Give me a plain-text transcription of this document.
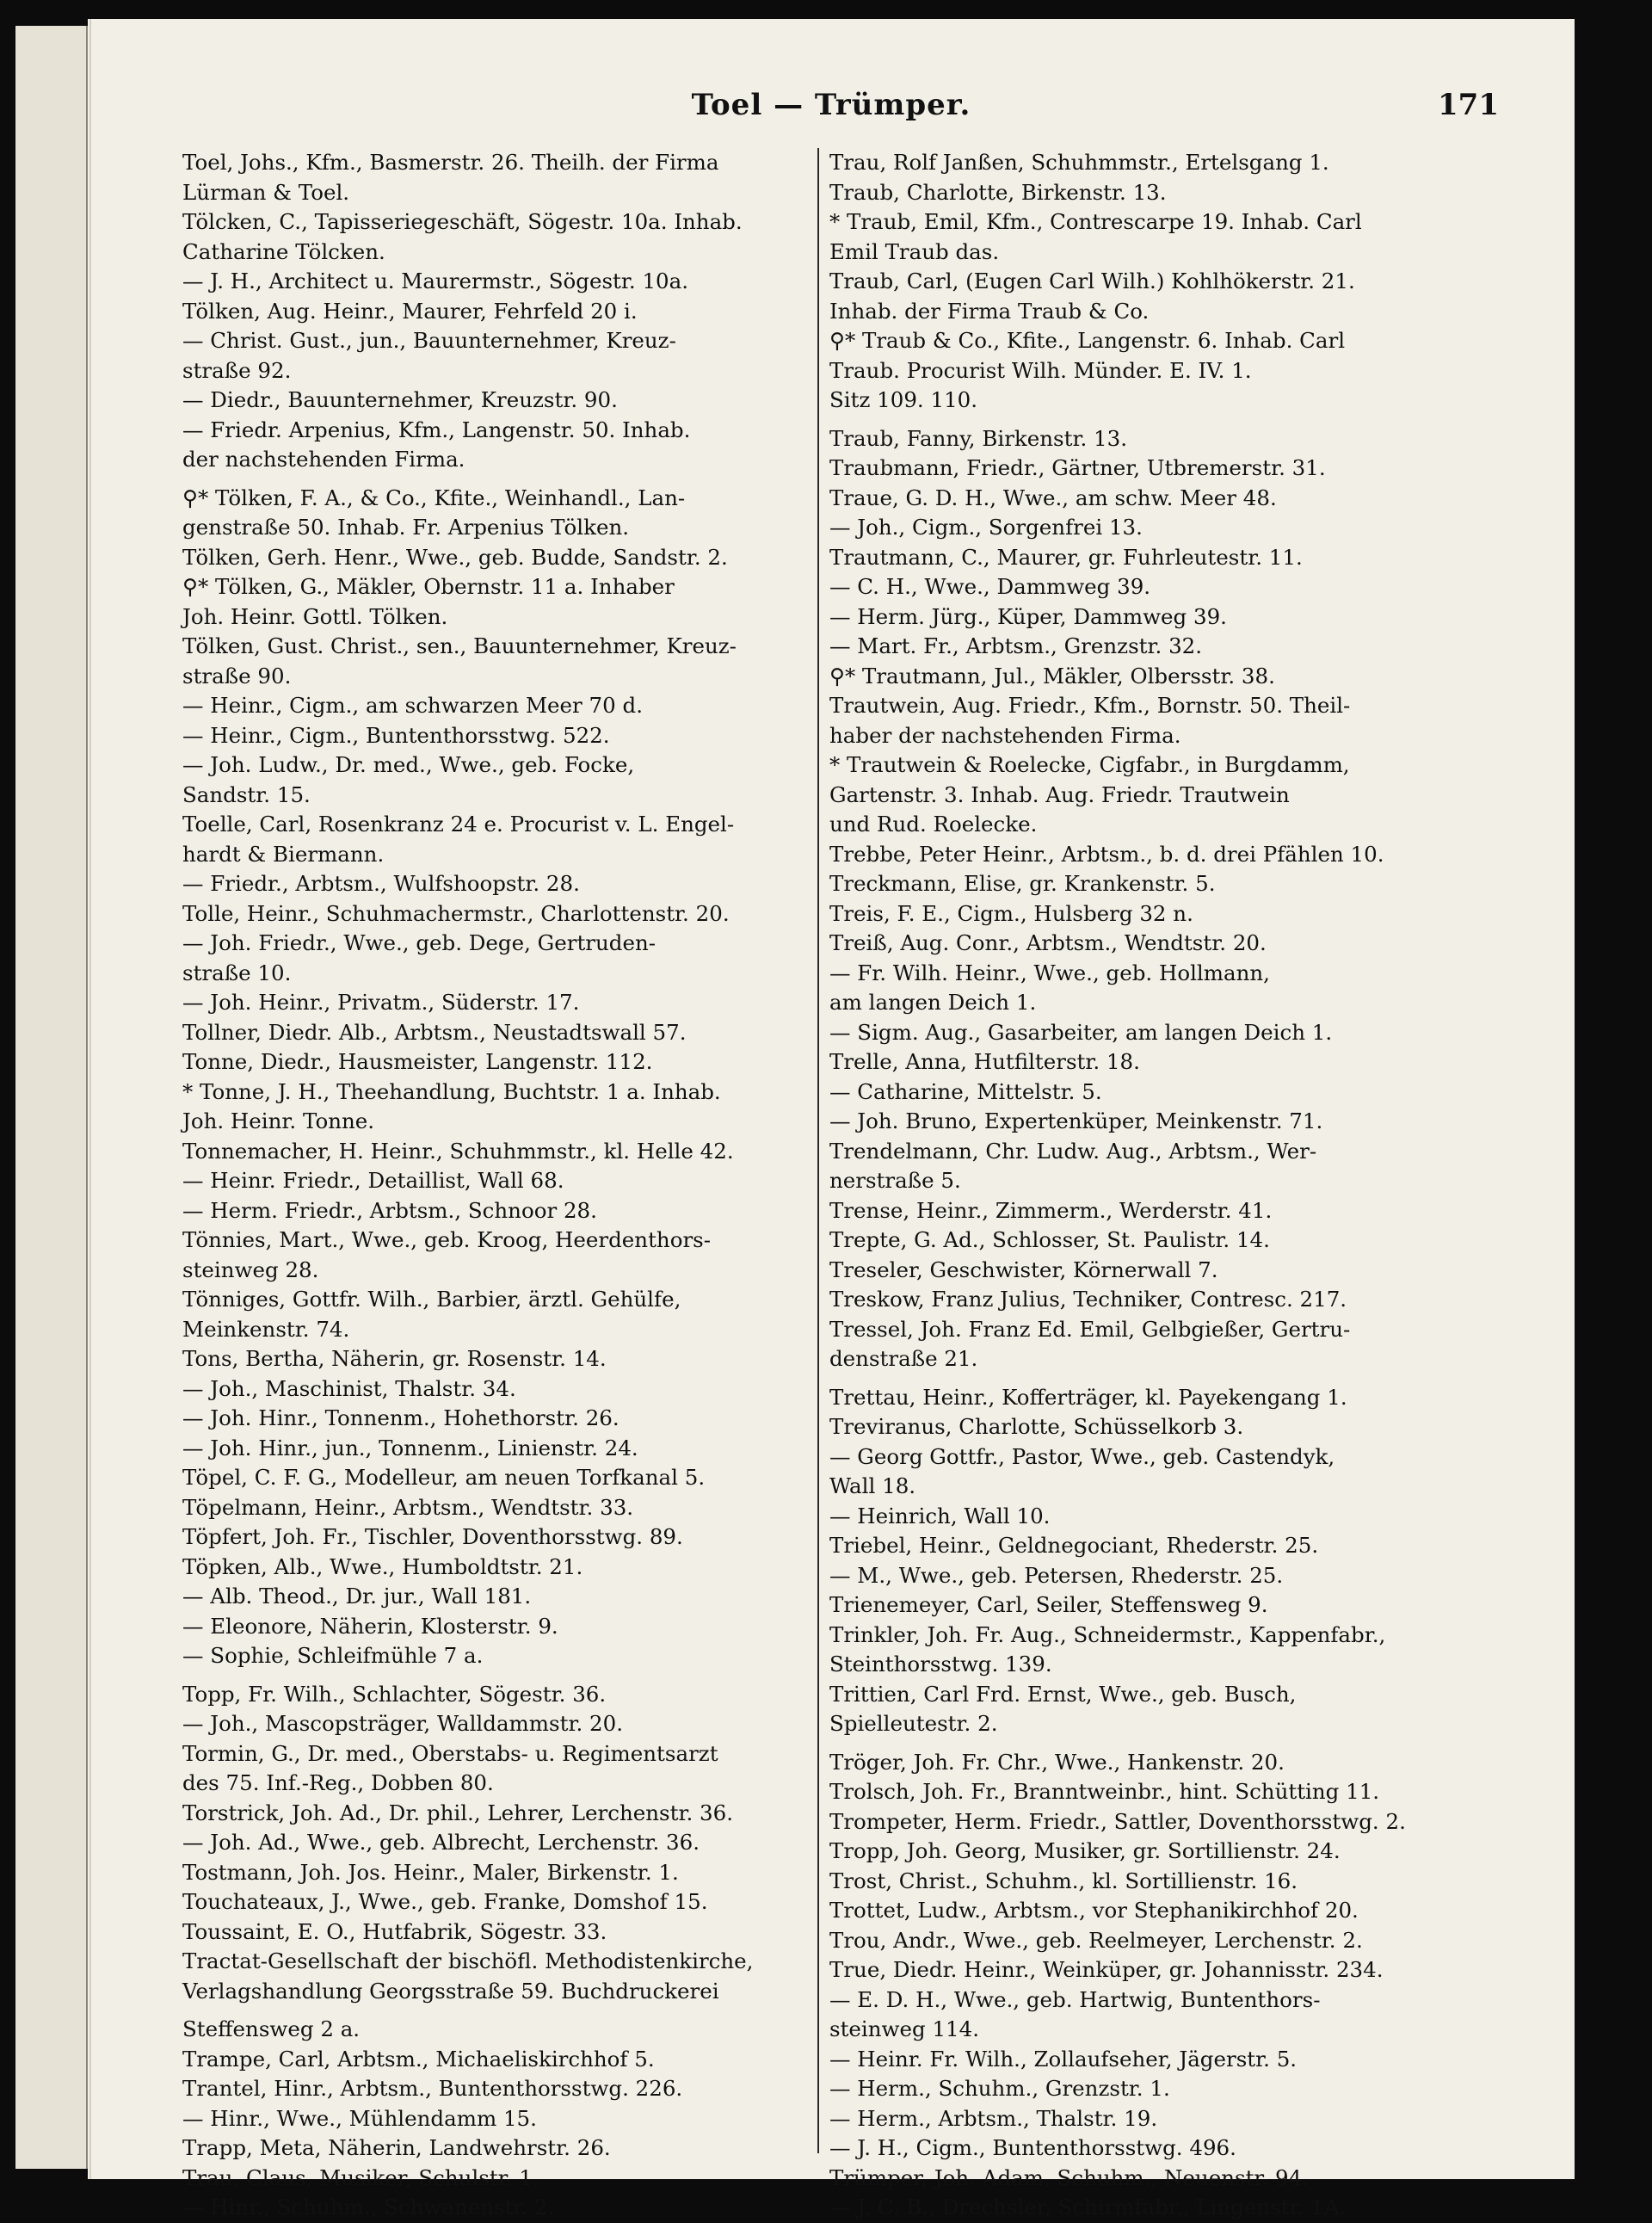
Toel — Trümper.	171

Toel, Johs., Kfm., Basmerstr. 26. Theilh. der Firma

Lürman & Toel.

Tölcken, C., Tapisseriegeschäft, Sögestr. 10a. Inhab.

Catharine Tölcken.

— J. H., Architect u. Maurermstr., Sögestr. 10a.

Tölken, Aug. Heinr., Maurer, Fehrfeld 20 i.

— Christ. Gust., jun., Bauunternehmer, Kreuz-

straße 92.

— Diedr., Bauunternehmer, Kreuzstr. 90.

— Friedr. Arpenius, Kfm., Langenstr. 50. Inhab.

der nachstehenden Firma.

⚲* Tölken, F. A., & Co., Kfite., Weinhandl., Lan-

genstraße 50. Inhab. Fr. Arpenius Tölken.

Tölken, Gerh. Henr., Wwe., geb. Budde, Sandstr. 2.

⚲* Tölken, G., Mäkler, Obernstr. 11 a. Inhaber

Joh. Heinr. Gottl. Tölken.

Tölken, Gust. Christ., sen., Bauunternehmer, Kreuz-

straße 90.

— Heinr., Cigm., am schwarzen Meer 70 d.

— Heinr., Cigm., Buntenthorsstwg. 522.

— Joh. Ludw., Dr. med., Wwe., geb. Focke,

Sandstr. 15.

Toelle, Carl, Rosenkranz 24 e. Procurist v. L. Engel-

hardt & Biermann.

— Friedr., Arbtsm., Wulfshoopstr. 28.

Tolle, Heinr., Schuhmachermstr., Charlottenstr. 20.

— Joh. Friedr., Wwe., geb. Dege, Gertruden-

straße 10.

— Joh. Heinr., Privatm., Süderstr. 17.

Tollner, Diedr. Alb., Arbtsm., Neustadtswall 57.

Tonne, Diedr., Hausmeister, Langenstr. 112.

* Tonne, J. H., Theehandlung, Buchtstr. 1 a. Inhab.

Joh. Heinr. Tonne.

Tonnemacher, H. Heinr., Schuhmmstr., kl. Helle 42.

— Heinr. Friedr., Detaillist, Wall 68.

— Herm. Friedr., Arbtsm., Schnoor 28.

Tönnies, Mart., Wwe., geb. Kroog, Heerdenthors-

steinweg 28.

Tönniges, Gottfr. Wilh., Barbier, ärztl. Gehülfe,

Meinkenstr. 74.

Tons, Bertha, Näherin, gr. Rosenstr. 14.

— Joh., Maschinist, Thalstr. 34.

— Joh. Hinr., Tonnenm., Hohethorstr. 26.

— Joh. Hinr., jun., Tonnenm., Linienstr. 24.

Töpel, C. F. G., Modelleur, am neuen Torfkanal 5.

Töpelmann, Heinr., Arbtsm., Wendtstr. 33.

Töpfert, Joh. Fr., Tischler, Doventhorsstwg. 89.

Töpken, Alb., Wwe., Humboldtstr. 21.

— Alb. Theod., Dr. jur., Wall 181.

— Eleonore, Näherin, Klosterstr. 9.

— Sophie, Schleifmühle 7 a.

Topp, Fr. Wilh., Schlachter, Sögestr. 36.

— Joh., Mascopsträger, Walldammstr. 20.

Tormin, G., Dr. med., Oberstabs- u. Regimentsarzt

des 75. Inf.-Reg., Dobben 80.

Torstrick, Joh. Ad., Dr. phil., Lehrer, Lerchenstr. 36.

— Joh. Ad., Wwe., geb. Albrecht, Lerchenstr. 36.

Tostmann, Joh. Jos. Heinr., Maler, Birkenstr. 1.

Touchateaux, J., Wwe., geb. Franke, Domshof 15.

Toussaint, E. O., Hutfabrik, Sögestr. 33.

Tractat-Gesellschaft der bischöfl. Methodistenkirche,

Verlagshandlung Georgsstraße 59. Buchdruckerei

Steffensweg 2 a.

Trampe, Carl, Arbtsm., Michaeliskirchhof 5.

Trantel, Hinr., Arbtsm., Buntenthorsstwg. 226.

— Hinr., Wwe., Mühlendamm 15.

Trapp, Meta, Näherin, Landwehrstr. 26.

Trau, Claus, Musiker, Schulstr. 1.

— Hinr., Schuhm., Schwanenstr. 2.

Trau, Rolf Janßen, Schuhmmstr., Ertelsgang 1.

Traub, Charlotte, Birkenstr. 13.

* Traub, Emil, Kfm., Contrescarpe 19. Inhab. Carl

Emil Traub das.

Traub, Carl, (Eugen Carl Wilh.) Kohlhökerstr. 21.

Inhab. der Firma Traub & Co.

⚲* Traub & Co., Kfite., Langenstr. 6. Inhab. Carl

Traub. Procurist Wilh. Münder. E. IV. 1.

Sitz 109. 110.

Traub, Fanny, Birkenstr. 13.

Traubmann, Friedr., Gärtner, Utbremerstr. 31.

Traue, G. D. H., Wwe., am schw. Meer 48.

— Joh., Cigm., Sorgenfrei 13.

Trautmann, C., Maurer, gr. Fuhrleutestr. 11.

— C. H., Wwe., Dammweg 39.

— Herm. Jürg., Küper, Dammweg 39.

— Mart. Fr., Arbtsm., Grenzstr. 32.

⚲* Trautmann, Jul., Mäkler, Olbersstr. 38.

Trautwein, Aug. Friedr., Kfm., Bornstr. 50. Theil-

haber der nachstehenden Firma.

* Trautwein & Roelecke, Cigfabr., in Burgdamm,

Gartenstr. 3. Inhab. Aug. Friedr. Trautwein

und Rud. Roelecke.

Trebbe, Peter Heinr., Arbtsm., b. d. drei Pfählen 10.

Treckmann, Elise, gr. Krankenstr. 5.

Treis, F. E., Cigm., Hulsberg 32 n.

Treiß, Aug. Conr., Arbtsm., Wendtstr. 20.

— Fr. Wilh. Heinr., Wwe., geb. Hollmann,

am langen Deich 1.

— Sigm. Aug., Gasarbeiter, am langen Deich 1.

Trelle, Anna, Hutfilterstr. 18.

— Catharine, Mittelstr. 5.

— Joh. Bruno, Expertenküper, Meinkenstr. 71.

Trendelmann, Chr. Ludw. Aug., Arbtsm., Wer-

nerstraße 5.

Trense, Heinr., Zimmerm., Werderstr. 41.

Trepte, G. Ad., Schlosser, St. Paulistr. 14.

Treseler, Geschwister, Körnerwall 7.

Treskow, Franz Julius, Techniker, Contresc. 217.

Tressel, Joh. Franz Ed. Emil, Gelbgießer, Gertru-

denstraße 21.

Trettau, Heinr., Kofferträger, kl. Payekengang 1.

Treviranus, Charlotte, Schüsselkorb 3.

— Georg Gottfr., Pastor, Wwe., geb. Castendyk,

Wall 18.

— Heinrich, Wall 10.

Triebel, Heinr., Geldnegociant, Rhederstr. 25.

— M., Wwe., geb. Petersen, Rhederstr. 25.

Trienemeyer, Carl, Seiler, Steffensweg 9.

Trinkler, Joh. Fr. Aug., Schneidermstr., Kappenfabr.,

Steinthorsstwg. 139.

Trittien, Carl Frd. Ernst, Wwe., geb. Busch,

Spielleutestr. 2.

Tröger, Joh. Fr. Chr., Wwe., Hankenstr. 20.

Trolsch, Joh. Fr., Branntweinbr., hint. Schütting 11.

Trompeter, Herm. Friedr., Sattler, Doventhorsstwg. 2.

Tropp, Joh. Georg, Musiker, gr. Sortillienstr. 24.

Trost, Christ., Schuhm., kl. Sortillienstr. 16.

Trottet, Ludw., Arbtsm., vor Stephanikirchhof 20.

Trou, Andr., Wwe., geb. Reelmeyer, Lerchenstr. 2.

True, Diedr. Heinr., Weinküper, gr. Johannisstr. 234.

— E. D. H., Wwe., geb. Hartwig, Buntenthors-

steinweg 114.

— Heinr. Fr. Wilh., Zollaufseher, Jägerstr. 5.

— Herm., Schuhm., Grenzstr. 1.

— Herm., Arbtsm., Thalstr. 19.

— J. H., Cigm., Buntenthorsstwg. 496.

Trümper, Joh. Adam, Schuhm., Neuenstr. 94.

— J. C. B., Drechsler, Schirmfabr., Lingenstr. 1A.
